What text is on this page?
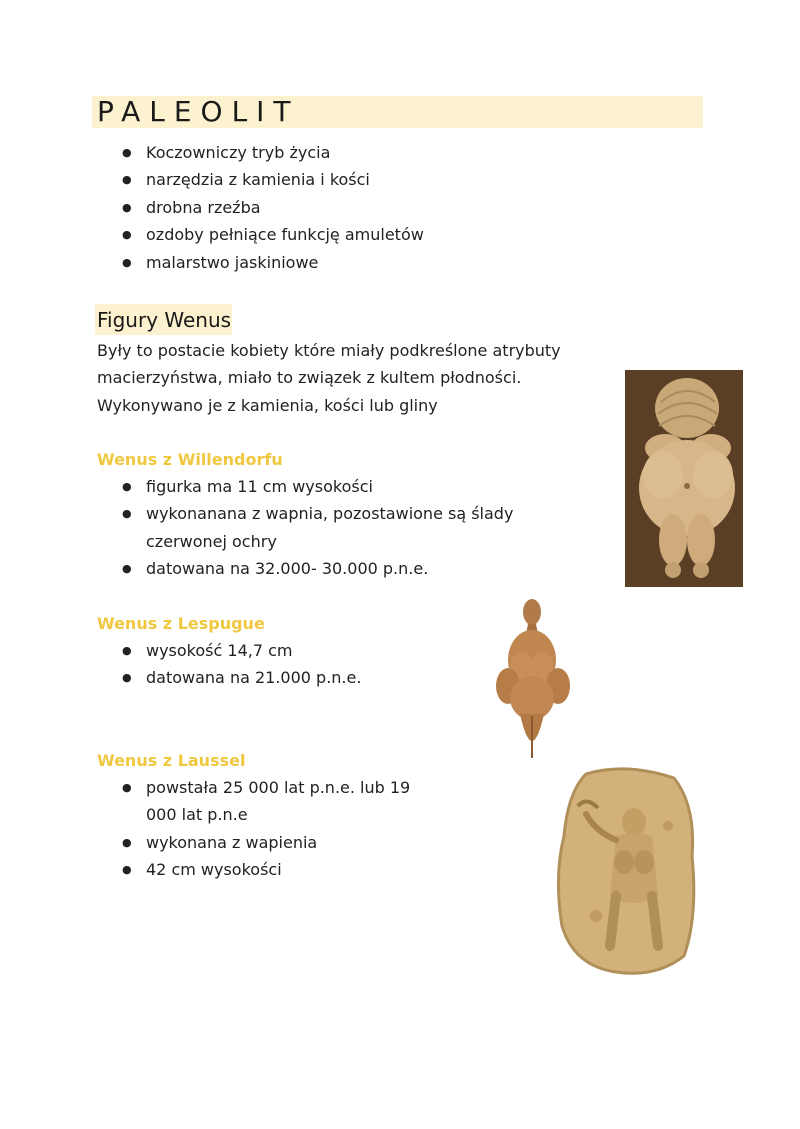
PALEOLIT
● Koczowniczy tryb życia
● narzędzia z kamienia i kości
● drobna rzeźba
● ozdoby pełniące funkcję amuletów
● malarstwo jaskiniowe
Figury Wenus

Były to postacie kobiety które miały podkreślone atrybuty

macierzyństwa, miało to związek z kultem płodności.

Wykonywano je z kamienia, kości lub gliny

Wenus z Willendorfu
● figurka ma 11 cm wysokości
● wykonanana z wapnia, pozostawione są ślady czerwonej ochry
● datowana na 32.000- 30.000 p.n.e.
Wenus z Lespugue
● wysokość 14,7 cm
● datowana na 21.000 p.n.e.
Wenus z Laussel
● powstała 25 000 lat p.n.e. lub 19 000 lat p.n.e
● wykonana z wapienia
● 42 cm wysokości
